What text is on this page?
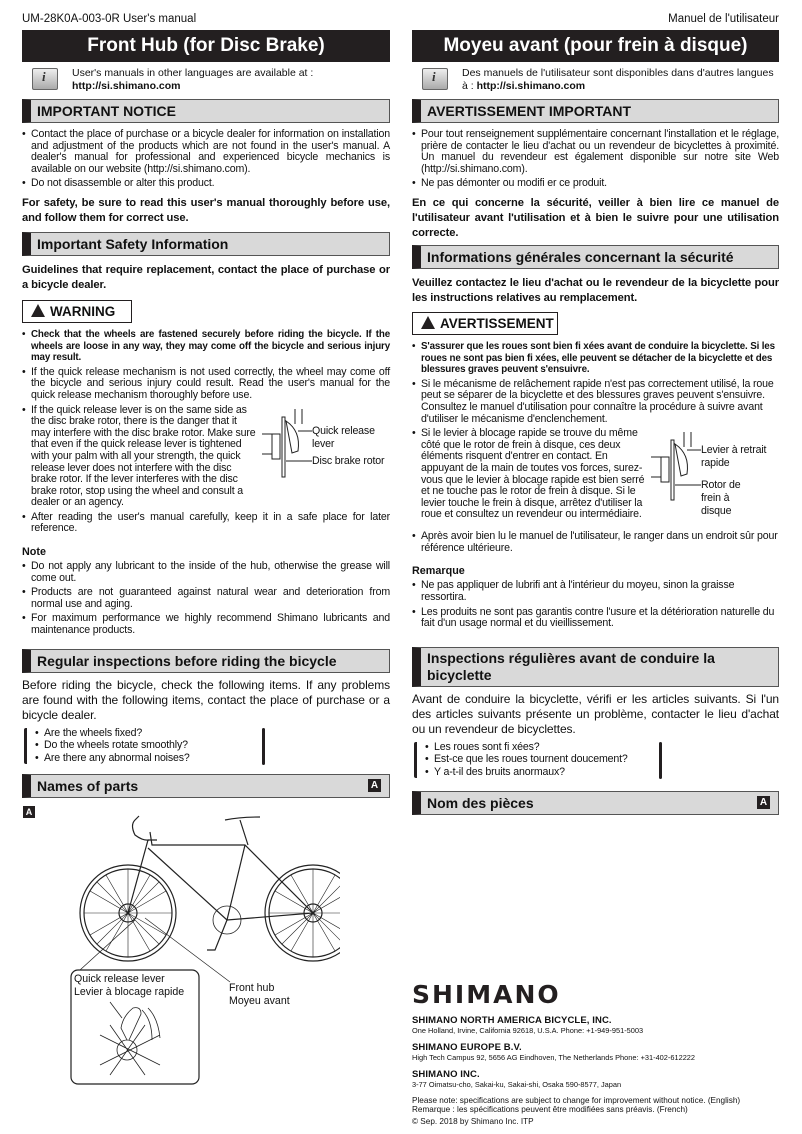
UM-28K0A-003-0R User's manual	Manuel de l'utilisateur
Front Hub (for Disc Brake)
i
User's manuals in other languages are available at :
http://si.shimano.com
IMPORTANT NOTICE
• Contact the place of purchase or a bicycle dealer for information on installation and adjustment of the products which are not found in the user's manual. A dealer's manual for professional and experienced bicycle mechanics is available on our website (http://si.shimano.com).
• Do not disassemble or alter this product.
For safety, be sure to read this user's manual thoroughly before use, and follow them for correct use.
Important Safety Information
Guidelines that require replacement, contact the place of purchase or a bicycle dealer.
WARNING
• Check that the wheels are fastened securely before riding the bicycle. If the wheels are loose in any way, they may come off the bicycle and serious injury may result.
• If the quick release mechanism is not used correctly, the wheel may come off the bicycle and serious injury could result. Read the user's manual for the quick release mechanism thoroughly before use.
• Quick release lever
Disc brake rotor
If the quick release lever is on the same side as the disc brake rotor, there is the danger that it may interfere with the disc brake rotor. Make sure that even if the quick release lever is tightened with your palm with all your strength, the quick release lever does not interfere with the disc brake rotor. If the lever interferes with the disc brake rotor, stop using the wheel and consult a dealer or an agency.
• After reading the user's manual carefully, keep it in a safe place for later reference.
Note
• Do not apply any lubricant to the inside of the hub, otherwise the grease will come out.
• Products are not guaranteed against natural wear and deterioration from normal use and aging.
• For maximum performance we highly recommend Shimano lubricants and maintenance products.
Regular inspections before riding the bicycle
Before riding the bicycle, check the following items. If any problems are found with the following items, contact the place of purchase or a bicycle dealer.
• Are the wheels fixed?
• Do the wheels rotate smoothly?
• Are there any abnormal noises?
Names of parts	A
A
Quick release lever
Levier à blocage rapide	Front hub
Moyeu avant
Moyeu avant (pour frein à disque)
i
Des manuels de l'utilisateur sont disponibles dans d'autres langues à : http://si.shimano.com
AVERTISSEMENT IMPORTANT
• Pour tout renseignement supplémentaire concernant l'installation et le réglage, prière de contacter le lieu d'achat ou un revendeur de bicyclettes à proximité. Un manuel du revendeur est également disponible sur notre site Web (http://si.shimano.com).
• Ne pas démonter ou modifi er ce produit.
En ce qui concerne la sécurité, veiller à bien lire ce manuel de l'utilisateur avant l'utilisation et à bien le suivre pour une utilisation correcte.
Informations générales concernant la sécurité
Veuillez contactez le lieu d'achat ou le revendeur de la bicyclette pour les instructions relatives au remplacement.
AVERTISSEMENT
• S'assurer que les roues sont bien fi xées avant de conduire la bicyclette. Si les roues ne sont pas bien fi xées, elle peuvent se détacher de la bicyclette et des blessures graves peuvent s'ensuivre.
• Si le mécanisme de relâchement rapide n'est pas correctement utilisé, la roue peut se séparer de la bicyclette et des blessures graves peuvent s'ensuivre. Consultez le manuel d'utilisation pour connaître la procédure à suivre avant d'utiliser le mécanisme d'enclenchement.
• Levier à retrait rapide
Rotor de frein à disque
Si le levier à blocage rapide se trouve du même côté que le rotor de frein à disque, ces deux éléments risquent d'entrer en contact. En appuyant de la main de toutes vos forces, surez-vous que le levier à blocage rapide est bien serré et ne touche pas le rotor de frein à disque. Si le levier touche le frein à disque, arrêtez d'utiliser la roue et consultez un revendeur ou intermédiaire.
• Après avoir bien lu le manuel de l'utilisateur, le ranger dans un endroit sûr pour référence ultérieure.
Remarque
• Ne pas appliquer de lubrifi ant à l'intérieur du moyeu, sinon la graisse ressortira.
• Les produits ne sont pas garantis contre l'usure et la détérioration naturelle du fait d'un usage normal et du vieillissement.
Inspections régulières avant de conduire la bicyclette
Avant de conduire la bicyclette, vérifi er les articles suivants. Si l'un des articles suivants présente un problème, contacter le lieu d'achat ou un revendeur de bicyclettes.
• Les roues sont fi xées?
• Est-ce que les roues tournent doucement?
• Y a-t-il des bruits anormaux?
Nom des pièces	A
SHIMANO
SHIMANO NORTH AMERICA BICYCLE, INC.

One Holland, Irvine, California 92618, U.S.A. Phone: +1-949-951-5003

SHIMANO EUROPE B.V.

High Tech Campus 92, 5656 AG Eindhoven, The Netherlands Phone: +31-402-612222

SHIMANO INC.

3-77 Oimatsu-cho, Sakai-ku, Sakai-shi, Osaka 590-8577, Japan

Please note: specifications are subject to change for improvement without notice. (English)

Remarque : les spécifications peuvent être modifiées sans préavis. (French)

© Sep. 2018 by Shimano Inc. ITP
